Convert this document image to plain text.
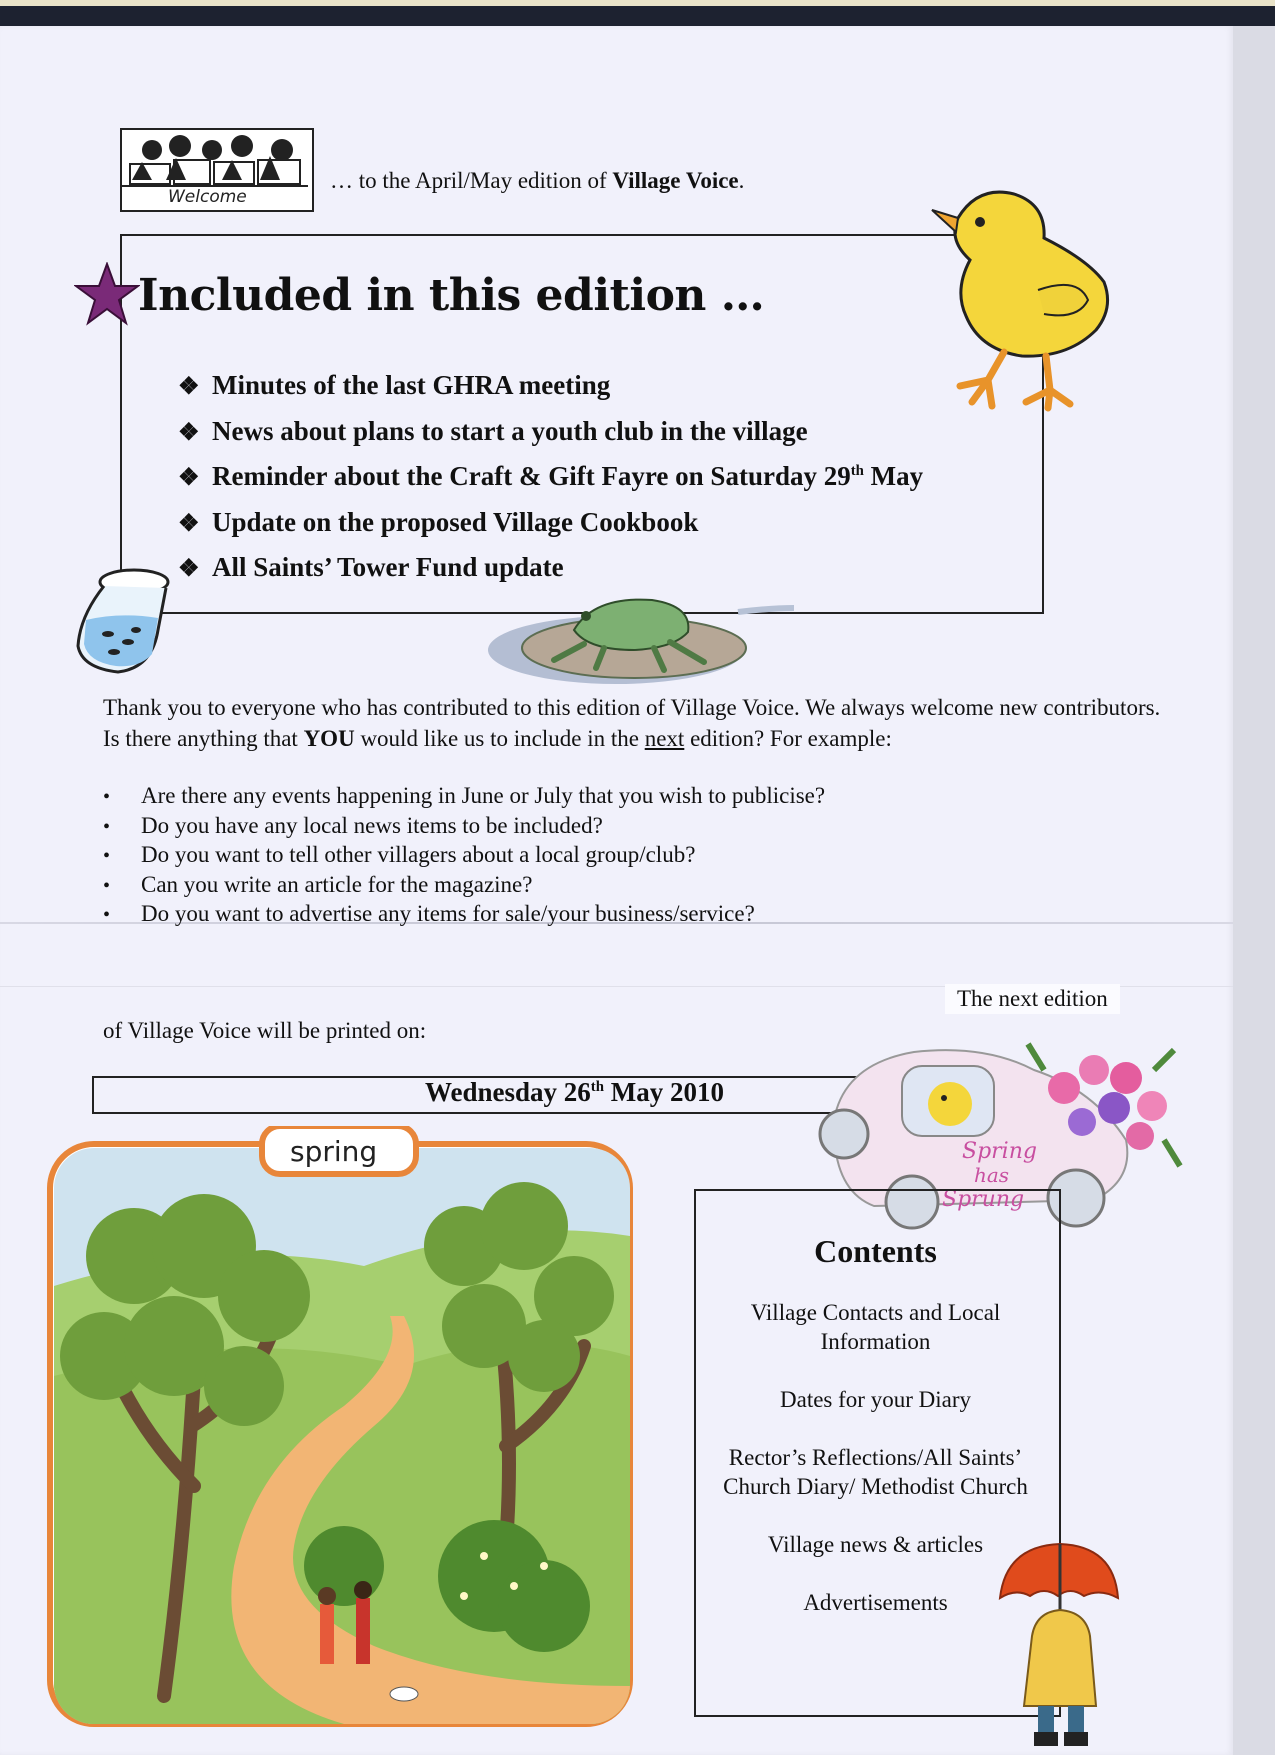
Welcome
… to the April/May edition of Village Voice.
Included in this edition …
❖ Minutes of the last GHRA meeting
❖ News about plans to start a youth club in the village
❖ Reminder about the Craft & Gift Fayre on Saturday 29th May
❖ Update on the proposed Village Cookbook
❖ All Saints’ Tower Fund update
Thank you to everyone who has contributed to this edition of Village Voice. We always welcome new contributors. Is there anything that YOU would like us to include in the next edition? For example:
• Are there any events happening in June or July that you wish to publicise?
• Do you have any local news items to be included?
• Do you want to tell other villagers about a local group/club?
• Can you write an article for the magazine?
• Do you want to advertise any items for sale/your business/service?
The next edition
of Village Voice will be printed on:
Wednesday 26th May 2010
Spring
has
Sprung
spring
Contents
Village Contacts and Local Information
Dates for your Diary
Rector’s Reflections/All Saints’ Church Diary/ Methodist Church
Village news & articles
Advertisements
